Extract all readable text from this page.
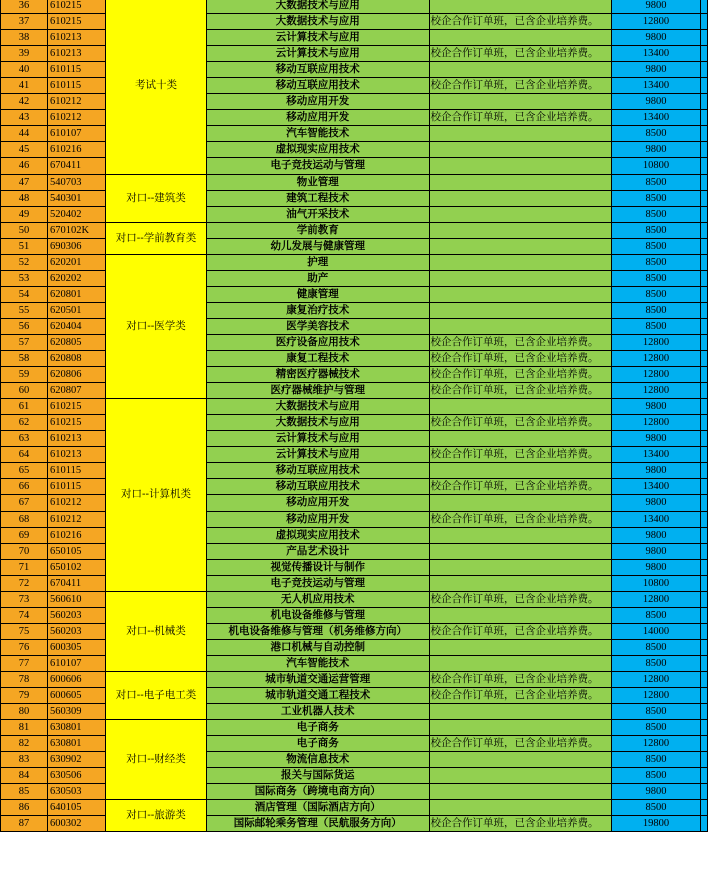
36	610215	考试十类	大数据技术与应用		9800	
37	610215		大数据技术与应用	校企合作订单班，已含企业培养费。	12800	
38	610213		云计算技术与应用		9800	
39	610213		云计算技术与应用	校企合作订单班，已含企业培养费。	13400	
40	610115		移动互联应用技术		9800	
41	610115		移动互联应用技术	校企合作订单班，已含企业培养费。	13400	
42	610212		移动应用开发		9800	
43	610212		移动应用开发	校企合作订单班，已含企业培养费。	13400	
44	610107		汽车智能技术		8500	
45	610216		虚拟现实应用技术		9800	
46	670411		电子竞技运动与管理		10800	
47	540703	对口--建筑类	物业管理		8500	
48	540301		建筑工程技术		8500	
49	520402		油气开采技术		8500	
50	670102K	对口--学前教育类	学前教育		8500	
51	690306		幼儿发展与健康管理		8500	
52	620201	对口--医学类	护理		8500	
53	620202		助产		8500	
54	620801		健康管理		8500	
55	620501		康复治疗技术		8500	
56	620404		医学美容技术		8500	
57	620805		医疗设备应用技术	校企合作订单班，已含企业培养费。	12800	
58	620808		康复工程技术	校企合作订单班，已含企业培养费。	12800	
59	620806		精密医疗器械技术	校企合作订单班，已含企业培养费。	12800	
60	620807		医疗器械维护与管理	校企合作订单班，已含企业培养费。	12800	
61	610215	对口--计算机类	大数据技术与应用		9800	
62	610215		大数据技术与应用	校企合作订单班，已含企业培养费。	12800	
63	610213		云计算技术与应用		9800	
64	610213		云计算技术与应用	校企合作订单班，已含企业培养费。	13400	
65	610115		移动互联应用技术		9800	
66	610115		移动互联应用技术	校企合作订单班，已含企业培养费。	13400	
67	610212		移动应用开发		9800	
68	610212		移动应用开发	校企合作订单班，已含企业培养费。	13400	
69	610216		虚拟现实应用技术		9800	
70	650105		产品艺术设计		9800	
71	650102		视觉传播设计与制作		9800	
72	670411		电子竞技运动与管理		10800	
73	560610	对口--机械类	无人机应用技术	校企合作订单班，已含企业培养费。	12800	
74	560203		机电设备维修与管理		8500	
75	560203		机电设备维修与管理（机务维修方向）	校企合作订单班，已含企业培养费。	14000	
76	600305		港口机械与自动控制		8500	
77	610107		汽车智能技术		8500	
78	600606	对口--电子电工类	城市轨道交通运营管理	校企合作订单班，已含企业培养费。	12800	
79	600605		城市轨道交通工程技术	校企合作订单班，已含企业培养费。	12800	
80	560309		工业机器人技术		8500	
81	630801	对口--财经类	电子商务		8500	
82	630801		电子商务	校企合作订单班，已含企业培养费。	12800	
83	630902		物流信息技术		8500	
84	630506		报关与国际货运		8500	
85	630503		国际商务（跨境电商方向）		9800	
86	640105	对口--旅游类	酒店管理（国际酒店方向）		8500	
87	600302		国际邮轮乘务管理（民航服务方向）	校企合作订单班，已含企业培养费。	19800	
